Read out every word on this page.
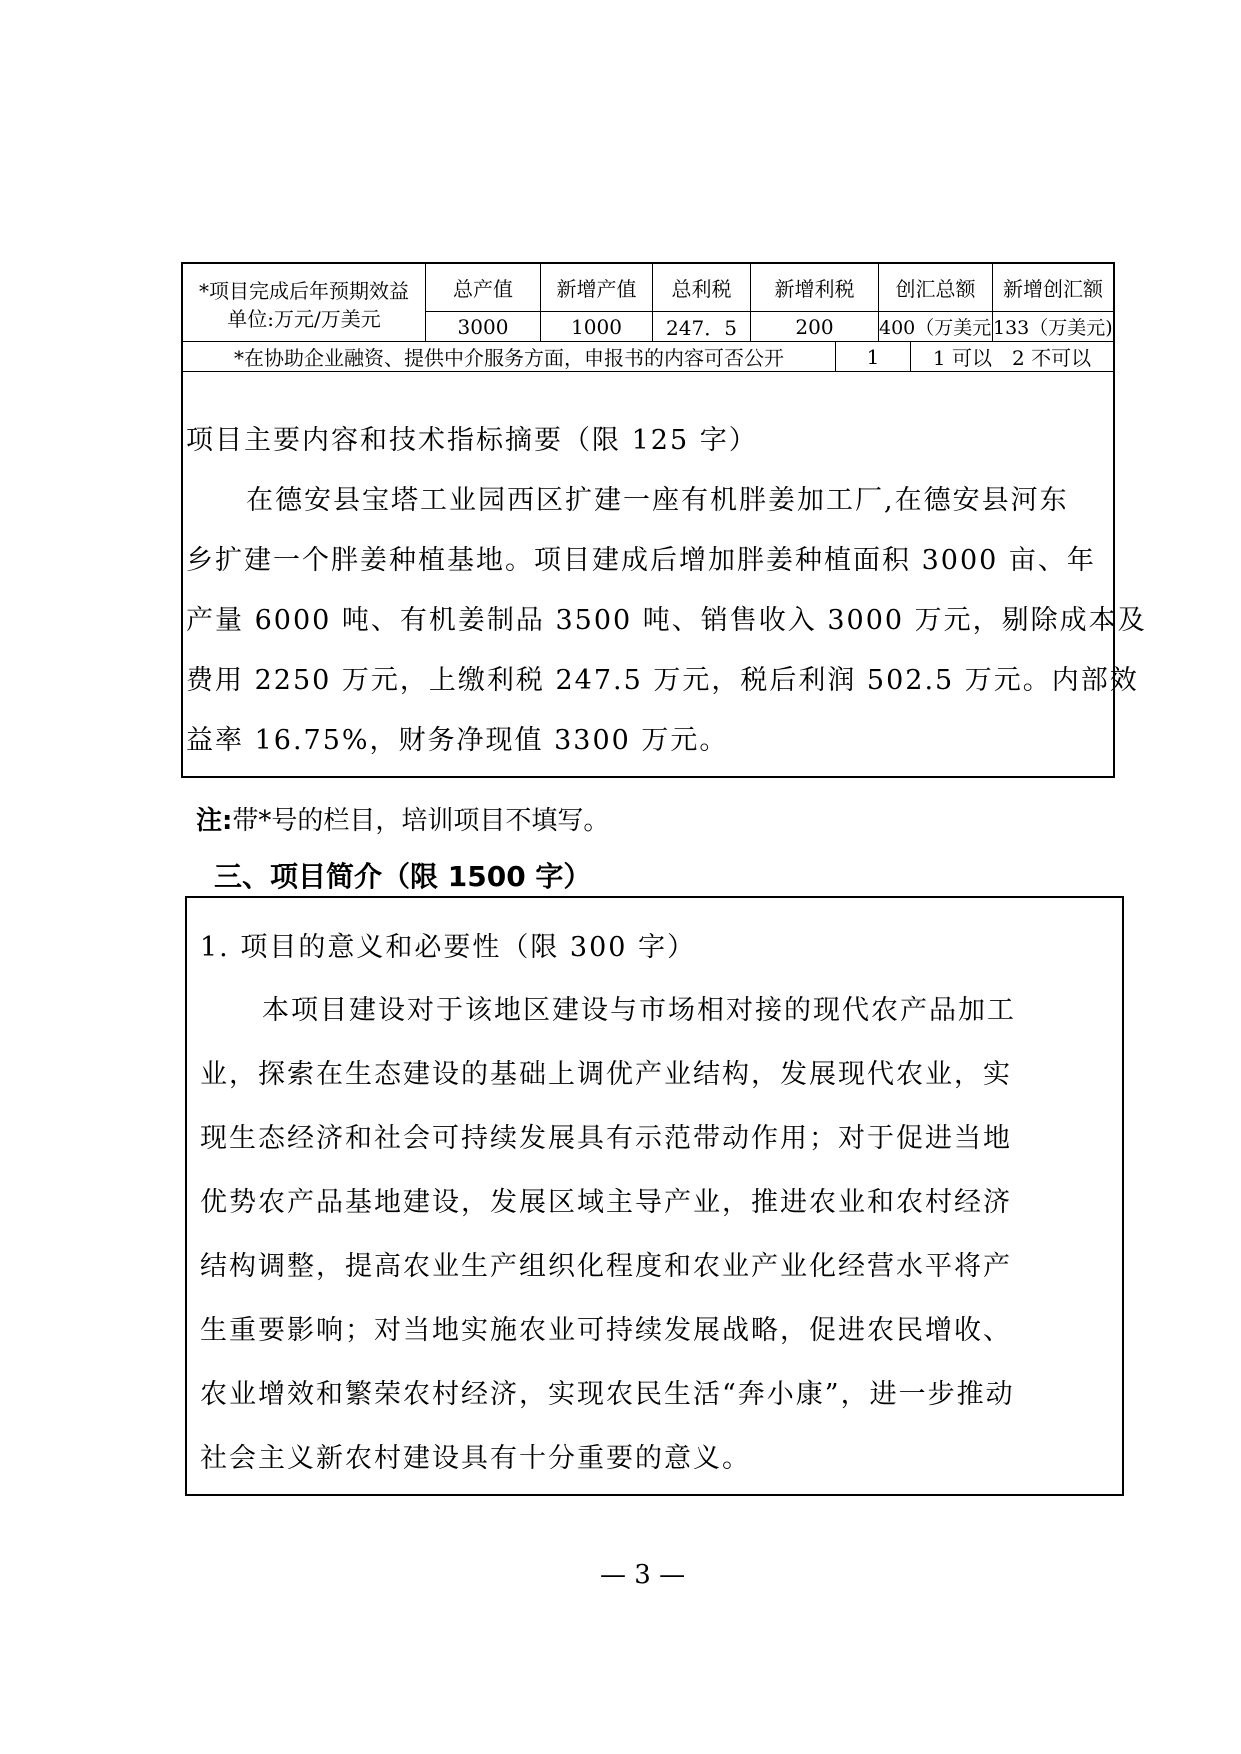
*项目完成后年预期效益
单位:万元/万美元
总产值	新增产值	总利税	新增利税	创汇总额	新增创汇额
3000	1000	247．5	200	400（万美元 133（万美元)
*在协助企业融资、提供中介服务方面，申报书的内容可否公开	1	1 可以　2 不可以
项目主要内容和技术指标摘要（限 125 字）
在德安县宝塔工业园西区扩建一座有机胖姜加工厂,在德安县河东
乡扩建一个胖姜种植基地。项目建成后增加胖姜种植面积 3000 亩、年
产量 6000 吨、有机姜制品 3500 吨、销售收入 3000 万元，剔除成本及
费用 2250 万元，上缴利税 247.5 万元，税后利润 502.5 万元。内部效
益率 16.75%，财务净现值 3300 万元。
注:带*号的栏目，培训项目不填写。
三、项目简介（限 1500 字）
1. 项目的意义和必要性（限 300 字）
本项目建设对于该地区建设与市场相对接的现代农产品加工
业，探索在生态建设的基础上调优产业结构，发展现代农业，实
现生态经济和社会可持续发展具有示范带动作用；对于促进当地
优势农产品基地建设，发展区域主导产业，推进农业和农村经济
结构调整，提高农业生产组织化程度和农业产业化经营水平将产
生重要影响；对当地实施农业可持续发展战略，促进农民增收、
农业增效和繁荣农村经济，实现农民生活“奔小康”，进一步推动
社会主义新农村建设具有十分重要的意义。
— 3 —
